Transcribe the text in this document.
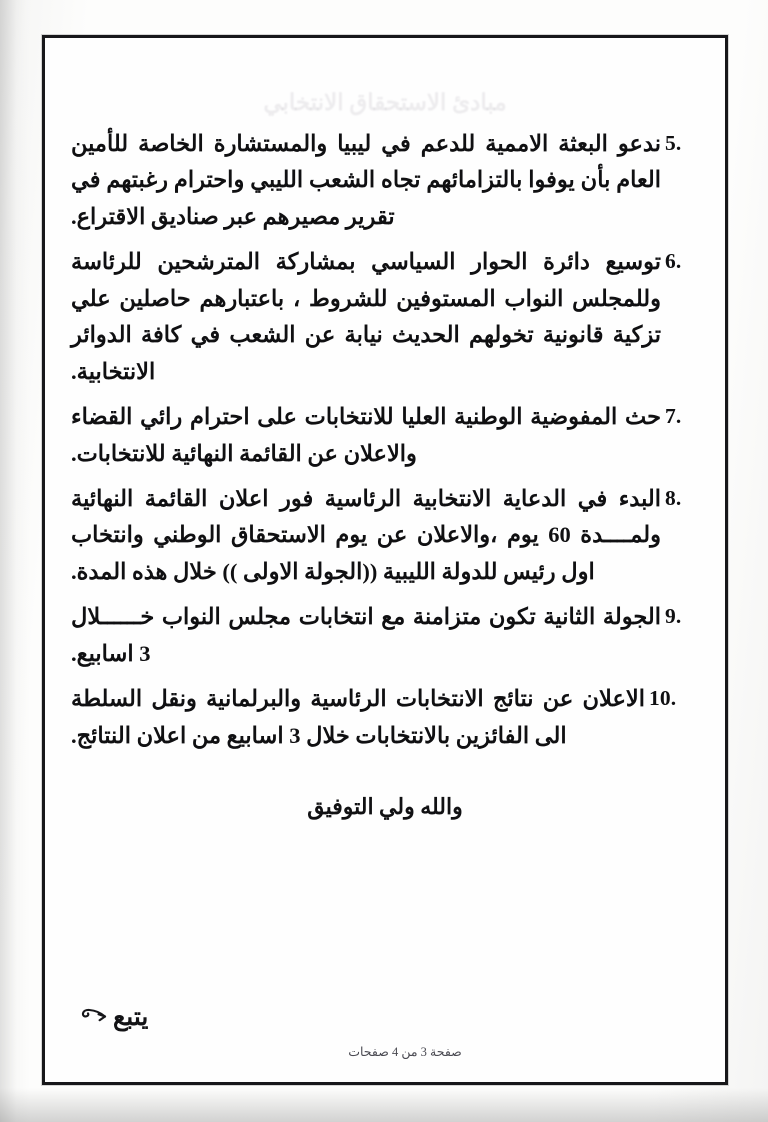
مبادئ الاستحقاق الانتخابي
5.
ندعو البعثة الاممية للدعم في ليبيا والمستشارة الخاصة للأمين العام بأن يوفوا بالتزامائهم تجاه الشعب الليبي واحترام رغبتهم في تقرير مصيرهم عبر صناديق الاقتراع.
6.
توسيع دائرة الحوار السياسي بمشاركة المترشحين للرئاسة وللمجلس النواب المستوفين للشروط ، باعتبارهم حاصلين علي تزكية قانونية تخولهم الحديث نيابة عن الشعب في كافة الدوائر الانتخابية.
7.
حث المفوضية الوطنية العليا للانتخابات على احترام رائي القضاء والاعلان عن القائمة النهائية للانتخابات.
8.
البدء في الدعاية الانتخابية الرئاسية فور اعلان القائمة النهائية ولمــــدة 60 يوم ،والاعلان عن يوم الاستحقاق الوطني وانتخاب اول رئيس للدولة الليبية ((الجولة الاولى )) خلال هذه المدة.
9.
الجولة الثانية تكون متزامنة مع انتخابات مجلس النواب خــــــلال 3 اسابيع.
10.
الاعلان عن نتائج الانتخابات الرئاسية والبرلمانية ونقل السلطة الى الفائزين بالانتخابات خلال 3 اسابيع من اعلان النتائج.
والله ولي التوفيق
يتبع
صفحة 3 من 4 صفحات
